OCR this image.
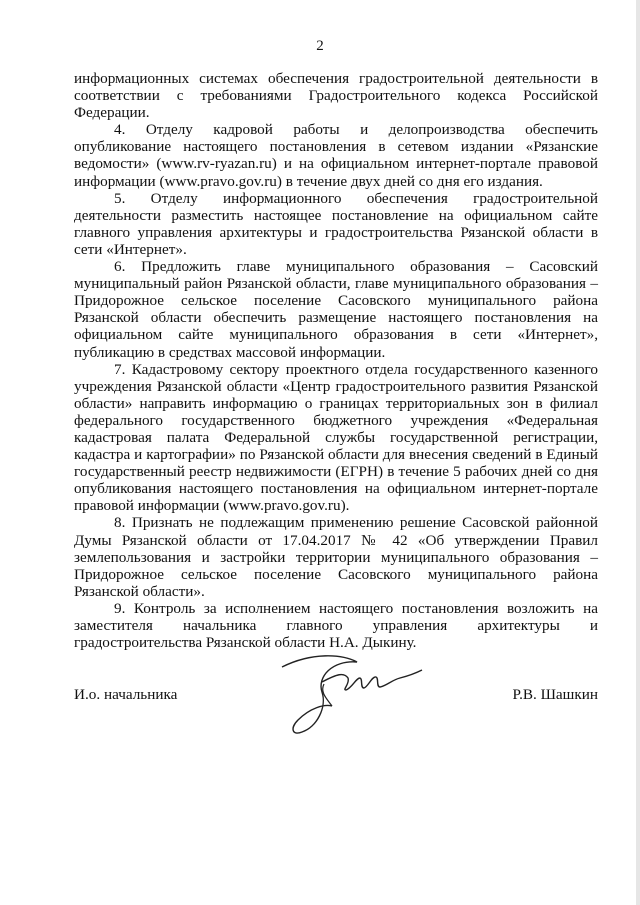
2

информационных системах обеспечения градостроительной деятельности в соответствии с требованиями Градостроительного кодекса Российской Федерации.

4. Отделу кадровой работы и делопроизводства обеспечить опубликование настоящего постановления в сетевом издании «Рязанские ведомости» (www.rv-ryazan.ru) и на официальном интернет-портале правовой информации (www.pravo.gov.ru) в течение двух дней со дня его издания.

5. Отделу информационного обеспечения градостроительной деятельности разместить настоящее постановление на официальном сайте главного управления архитектуры и градостроительства Рязанской области в сети «Интернет».

6. Предложить главе муниципального образования – Сасовский муниципальный район Рязанской области, главе муниципального образования – Придорожное сельское поселение Сасовского муниципального района Рязанской области обеспечить размещение настоящего постановления на официальном сайте муниципального образования в сети «Интернет», публикацию в средствах массовой информации.

7. Кадастровому сектору проектного отдела государственного казенного учреждения Рязанской области «Центр градостроительного развития Рязанской области» направить информацию о границах территориальных зон в филиал федерального государственного бюджетного учреждения «Федеральная кадастровая палата Федеральной службы государственной регистрации, кадастра и картографии» по Рязанской области для внесения сведений в Единый государственный реестр недвижимости (ЕГРН) в течение 5 рабочих дней со дня опубликования настоящего постановления на официальном интернет-портале правовой информации (www.pravo.gov.ru).

8. Признать не подлежащим применению решение Сасовской районной Думы Рязанской области от 17.04.2017 № 42 «Об утверждении Правил землепользования и застройки территории муниципального образования – Придорожное сельское поселение Сасовского муниципального района Рязанской области».

9. Контроль за исполнением настоящего постановления возложить на заместителя начальника главного управления архитектуры и градостроительства Рязанской области Н.А. Дыкину.

И.о. начальника	Р.В. Шашкин
